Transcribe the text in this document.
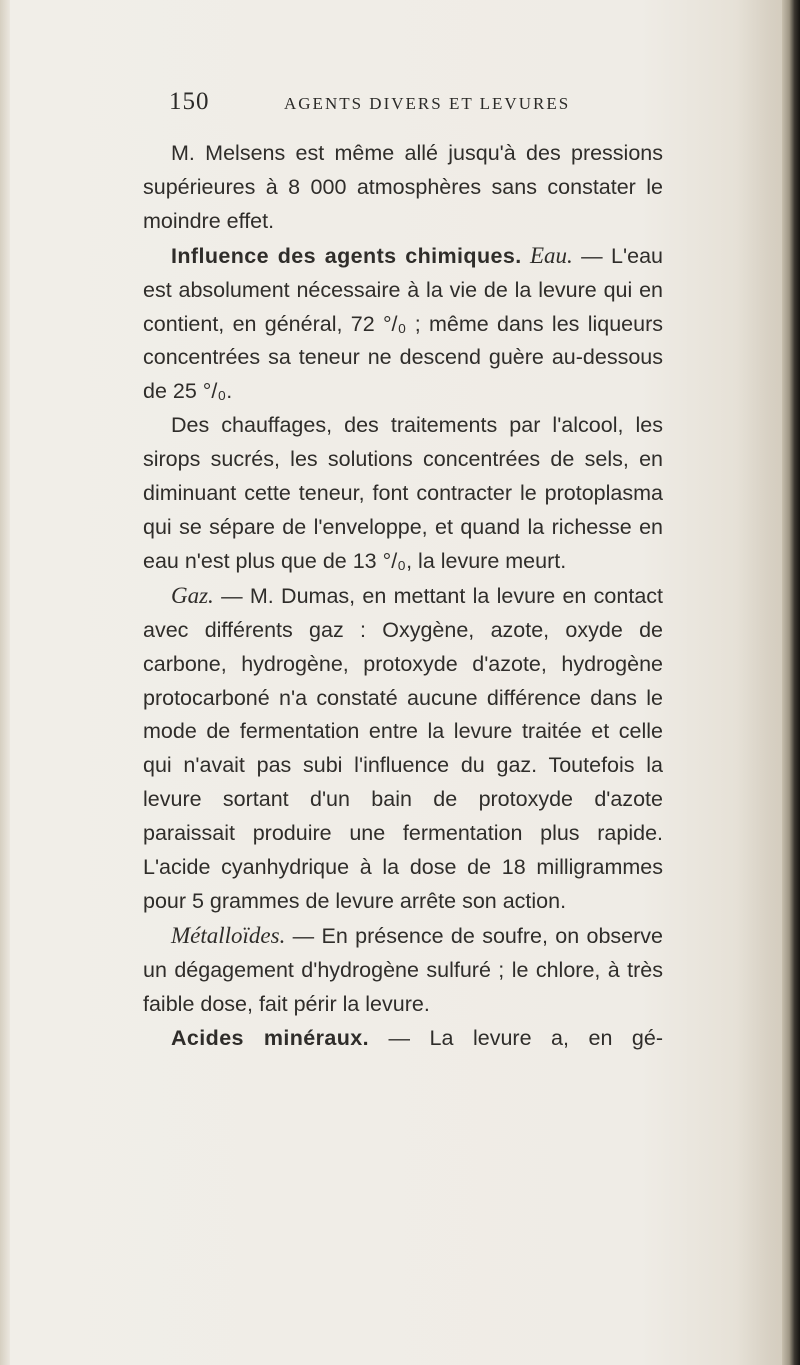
150	AGENTS DIVERS ET LEVURES

M. Melsens est même allé jusqu'à des pressions supérieures à 8 000 atmosphères sans constater le moindre effet.

Influence des agents chimiques. Eau. — L'eau est absolument nécessaire à la vie de la levure qui en contient, en général, 72 °/₀ ; même dans les liqueurs concentrées sa teneur ne descend guère au-dessous de 25 °/₀.

Des chauffages, des traitements par l'alcool, les sirops sucrés, les solutions concentrées de sels, en diminuant cette teneur, font contracter le protoplasma qui se sépare de l'enveloppe, et quand la richesse en eau n'est plus que de 13 °/₀, la levure meurt.

Gaz. — M. Dumas, en mettant la levure en contact avec différents gaz : Oxygène, azote, oxyde de carbone, hydrogène, protoxyde d'azote, hydrogène protocarboné n'a constaté aucune différence dans le mode de fermentation entre la levure traitée et celle qui n'avait pas subi l'influence du gaz. Toutefois la levure sortant d'un bain de protoxyde d'azote paraissait produire une fermentation plus rapide. L'acide cyanhydrique à la dose de 18 milligrammes pour 5 grammes de levure arrête son action.

Métalloïdes. — En présence de soufre, on observe un dégagement d'hydrogène sulfuré ; le chlore, à très faible dose, fait périr la levure.

Acides minéraux. — La levure a, en gé-
